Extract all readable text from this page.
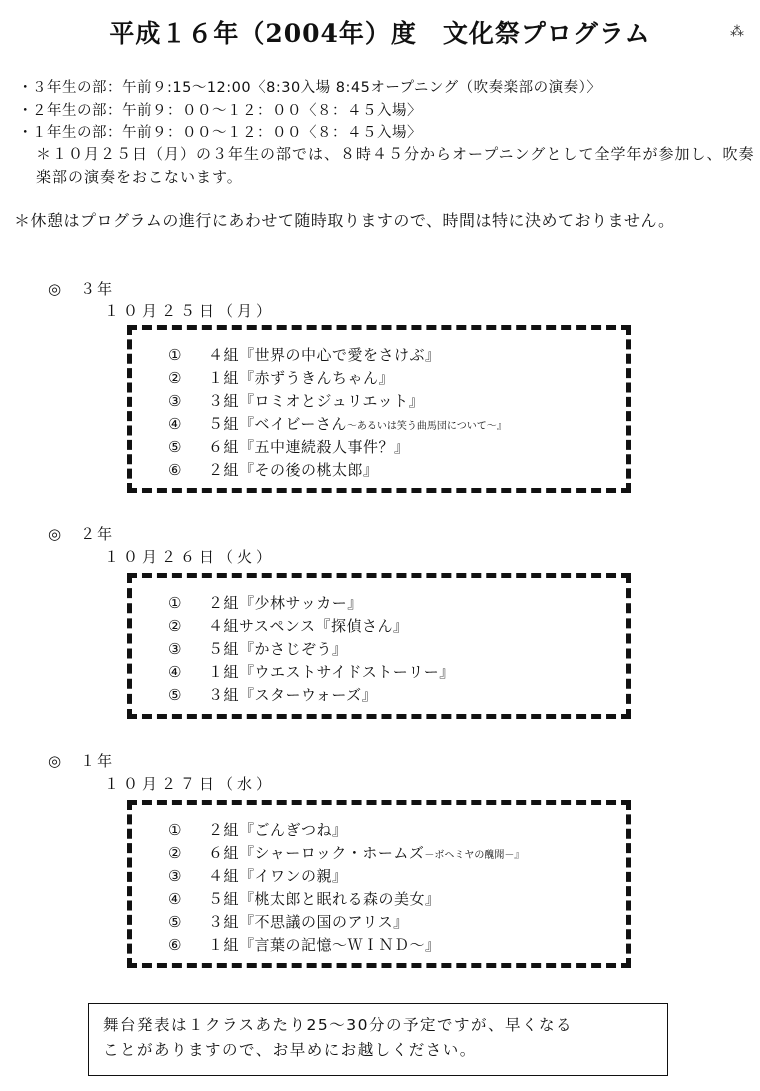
平成１６年（2004年）度　文化祭プログラム	⁂
・３年生の部：午前９:15～12:00〈8:30入場 8:45オープニング（吹奏楽部の演奏）〉
・２年生の部：午前９：００～１２：００〈８：４５入場〉
・１年生の部：午前９：００～１２：００〈８：４５入場〉
＊１０月２５日（月）の３年生の部では、８時４５分からオープニングとして全学年が参加し、吹奏楽部の演奏をおこないます。
＊休憩はプログラムの進行にあわせて随時取りますので、時間は特に決めておりません。
◎　３年
１０月２５日（月）
① ４組『世界の中心で愛をさけぶ』
② １組『赤ずうきんちゃん』
③ ３組『ロミオとジュリエット』
④ ５組『ベイビーさん～あるいは笑う曲馬団について～』
⑤ ６組『五中連続殺人事件？』
⑥ ２組『その後の桃太郎』
◎　２年
１０月２６日（火）
① ２組『少林サッカー』
② ４組サスペンス『探偵さん』
③ ５組『かさじぞう』
④ １組『ウエストサイドストーリー』
⑤ ３組『スターウォーズ』
◎　１年
１０月２７日（水）
① ２組『ごんぎつね』
② ６組『シャーロック・ホームズ－ボヘミヤの醜聞－』
③ ４組『イワンの親』
④ ５組『桃太郎と眠れる森の美女』
⑤ ３組『不思議の国のアリス』
⑥ １組『言葉の記憶～ＷＩＮＤ～』
舞台発表は１クラスあたり25～30分の予定ですが、早くなる
ことがありますので、お早めにお越しください。
